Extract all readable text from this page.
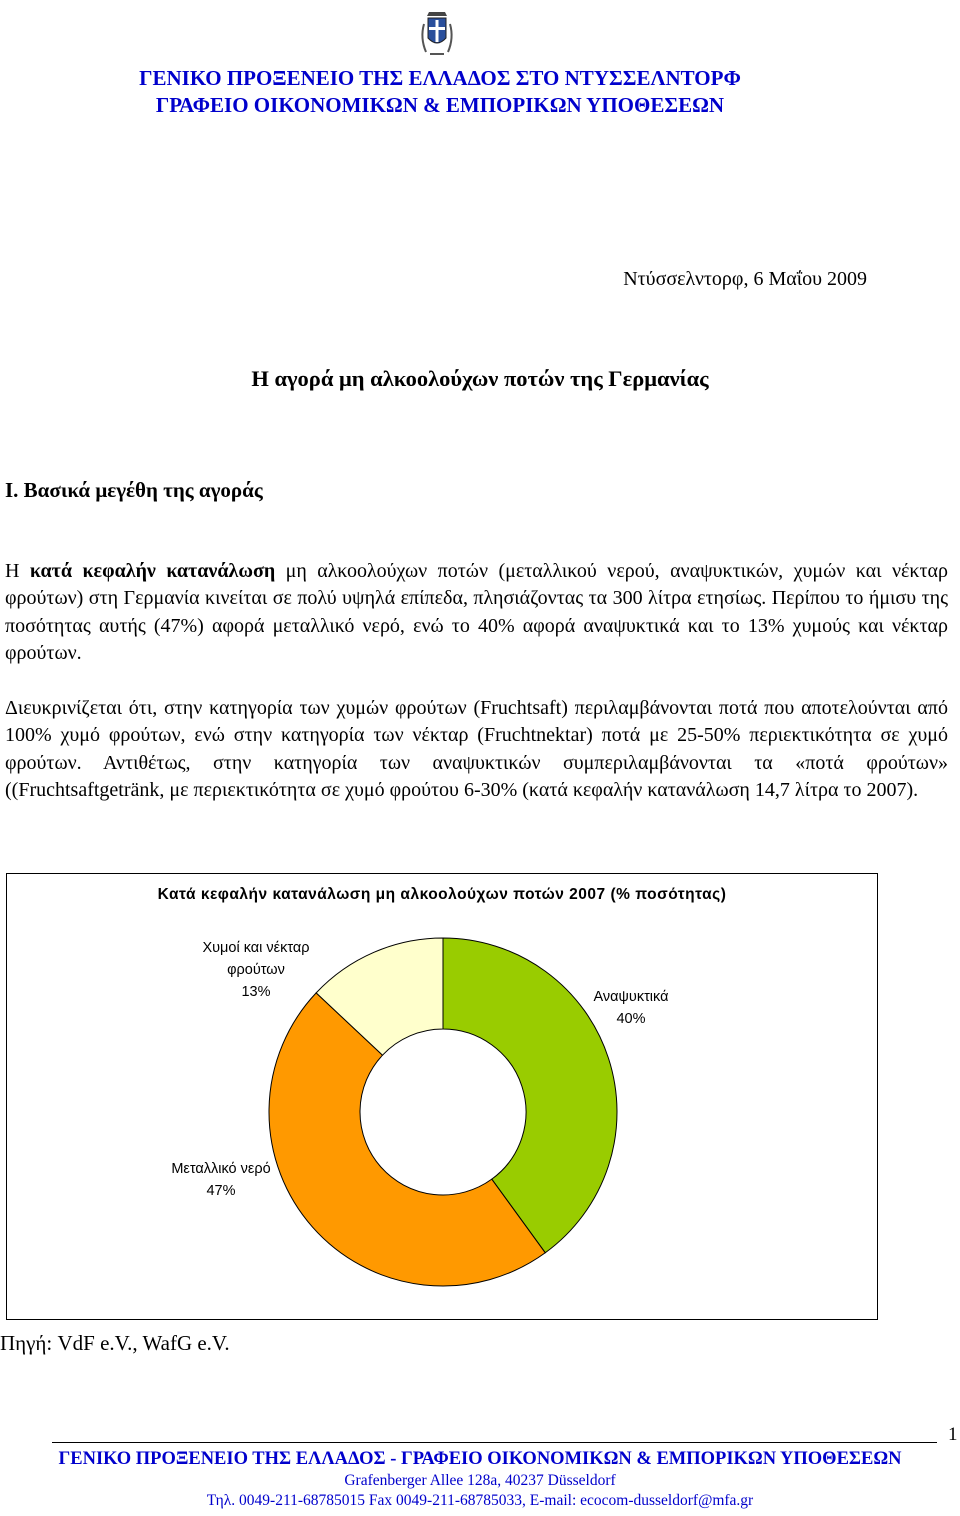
ΓΕΝΙΚΟ ΠΡΟΞΕΝΕΙΟ ΤΗΣ ΕΛΛΑΔΟΣ ΣΤΟ ΝΤΥΣΣΕΛΝΤΟΡΦ
ΓΡΑΦΕΙΟ ΟΙΚΟΝΟΜΙΚΩΝ & ΕΜΠΟΡΙΚΩΝ ΥΠΟΘΕΣΕΩΝ
Ντύσσελντορφ, 6 Μαΐου 2009
Η αγορά μη αλκοολούχων ποτών της Γερμανίας
Ι. Βασικά μεγέθη της αγοράς

Η κατά κεφαλήν κατανάλωση μη αλκοολούχων ποτών (μεταλλικού νερού, αναψυκτικών, χυμών και νέκταρ φρούτων) στη Γερμανία κινείται σε πολύ υψηλά επίπεδα, πλησιάζοντας τα 300 λίτρα ετησίως. Περίπου το ήμισυ της ποσότητας αυτής (47%) αφορά μεταλλικό νερό, ενώ το 40% αφορά αναψυκτικά και το 13% χυμούς και νέκταρ φρούτων.

Διευκρινίζεται ότι, στην κατηγορία των χυμών φρούτων (Fruchtsaft) περιλαμβάνονται ποτά που αποτελούνται από 100% χυμό φρούτων, ενώ στην κατηγορία των νέκταρ (Fruchtnektar) ποτά με 25-50% περιεκτικότητα σε χυμό φρούτων. Αντιθέτως, στην κατηγορία των αναψυκτικών συμπεριλαμβάνονται τα «ποτά φρούτων» ((Fruchtsaftgetränk, με περιεκτικότητα σε χυμό φρούτου 6-30% (κατά κεφαλήν κατανάλωση 14,7 λίτρα το 2007).

Κατά κεφαλήν κατανάλωση μη αλκοολούχων ποτών 2007 (% ποσότητας)
Χυμοί και νέκταρ
φρούτων
13%	Αναψυκτικά
40%
Μεταλλικό νερό
47%
Πηγή: VdF e.V., WafG e.V.
1
ΓΕΝΙΚΟ ΠΡΟΞΕΝΕΙΟ ΤΗΣ ΕΛΛΑΔΟΣ - ΓΡΑΦΕΙΟ ΟΙΚΟΝΟΜΙΚΩΝ & ΕΜΠΟΡΙΚΩΝ ΥΠΟΘΕΣΕΩΝ
Grafenberger Allee 128a, 40237 Düsseldorf
Τηλ. 0049-211-68785015 Fax 0049-211-68785033, E-mail: ecocom-dusseldorf@mfa.gr
